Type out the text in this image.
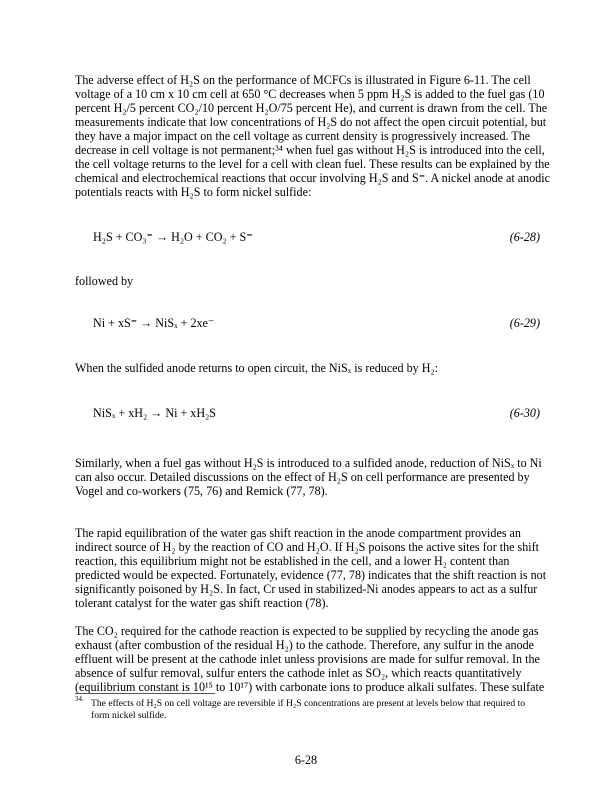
The adverse effect of H₂S on the performance of MCFCs is illustrated in Figure 6-11. The cell
voltage of a 10 cm x 10 cm cell at 650 °C decreases when 5 ppm H₂S is added to the fuel gas (10
percent H₂/5 percent CO₂/10 percent H₂O/75 percent He), and current is drawn from the cell. The
measurements indicate that low concentrations of H₂S do not affect the open circuit potential, but
they have a major impact on the cell voltage as current density is progressively increased. The
decrease in cell voltage is not permanent;³⁴ when fuel gas without H₂S is introduced into the cell,
the cell voltage returns to the level for a cell with clean fuel. These results can be explained by the
chemical and electrochemical reactions that occur involving H₂S and S⁼. A nickel anode at anodic
potentials reacts with H₂S to form nickel sulfide:
H₂S + CO₃⁼ → H₂O + CO₂ + S⁼	(6-28)
followed by
Ni + xS⁼ → NiSₓ + 2xe⁻	(6-29)
When the sulfided anode returns to open circuit, the NiSₓ is reduced by H₂:
NiSₓ + xH₂ → Ni + xH₂S	(6-30)
Similarly, when a fuel gas without H₂S is introduced to a sulfided anode, reduction of NiSₓ to Ni
can also occur. Detailed discussions on the effect of H₂S on cell performance are presented by
Vogel and co-workers (75, 76) and Remick (77, 78).
The rapid equilibration of the water gas shift reaction in the anode compartment provides an
indirect source of H₂ by the reaction of CO and H₂O. If H₂S poisons the active sites for the shift
reaction, this equilibrium might not be established in the cell, and a lower H₂ content than
predicted would be expected. Fortunately, evidence (77, 78) indicates that the shift reaction is not
significantly poisoned by H₂S. In fact, Cr used in stabilized-Ni anodes appears to act as a sulfur
tolerant catalyst for the water gas shift reaction (78).
The CO₂ required for the cathode reaction is expected to be supplied by recycling the anode gas
exhaust (after combustion of the residual H₂) to the cathode. Therefore, any sulfur in the anode
effluent will be present at the cathode inlet unless provisions are made for sulfur removal. In the
absence of sulfur removal, sulfur enters the cathode inlet as SO₂, which reacts quantitatively
(equilibrium constant is 10¹⁵ to 10¹⁷) with carbonate ions to produce alkali sulfates. These sulfate
34. The effects of H₂S on cell voltage are reversible if H₂S concentrations are present at levels below that required to
form nickel sulfide.
6-28
